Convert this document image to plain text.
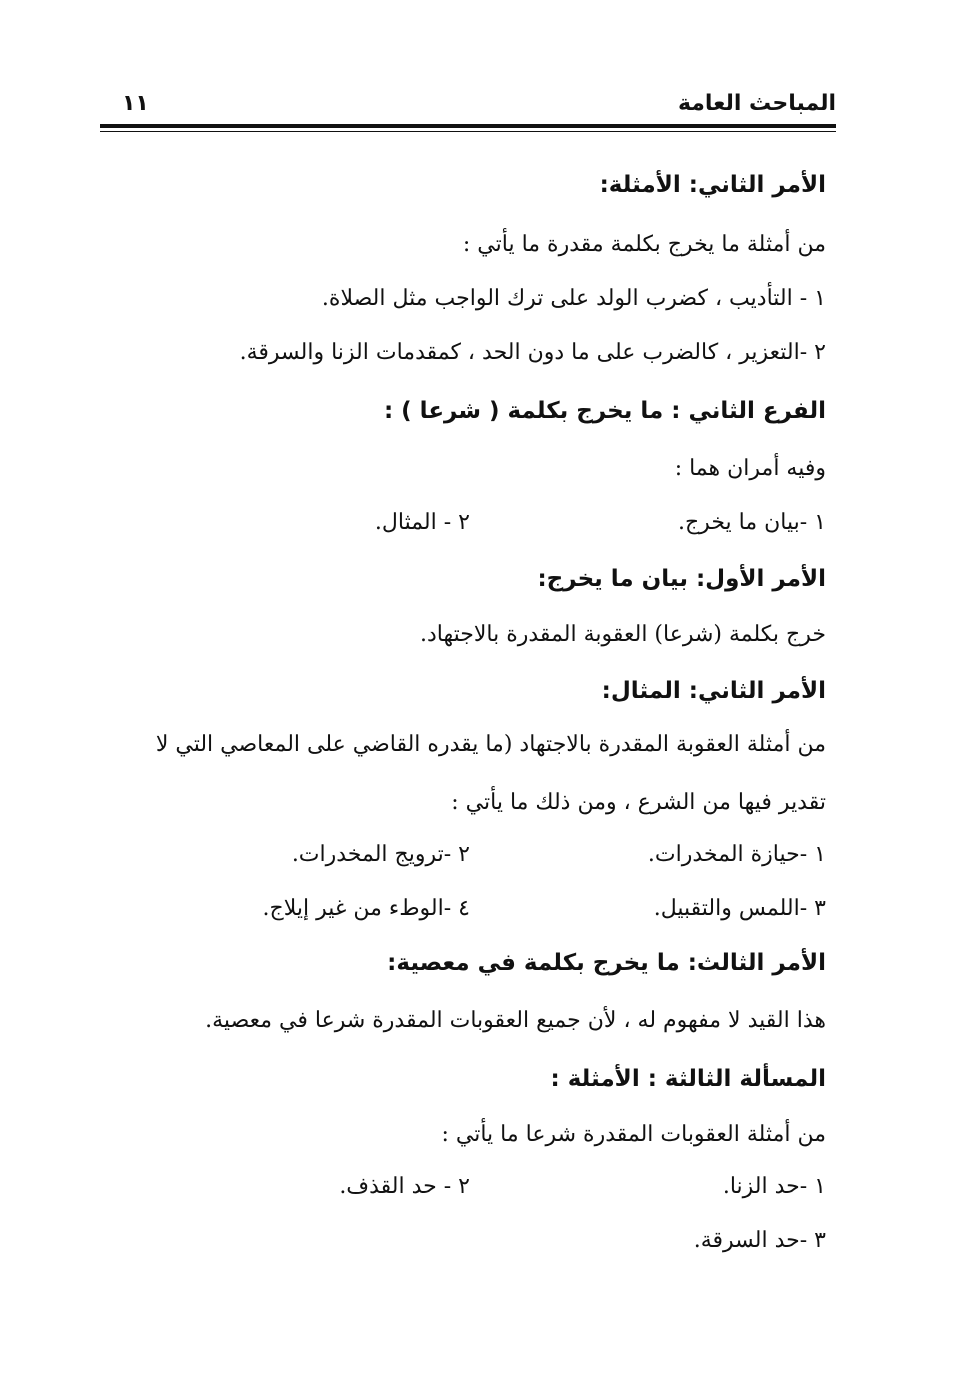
المباحث العامة
١١

الأمر الثاني: الأمثلة:

من أمثلة ما يخرج بكلمة مقدرة ما يأتي :

١ - التأديب ، كضرب الولد على ترك الواجب مثل الصلاة.

٢ -التعزير ، كالضرب على ما دون الحد ، كمقدمات الزنا والسرقة.

الفرع الثاني : ما يخرج بكلمة ( شرعا ) :

وفيه أمران هما :

١ -بيان ما يخرج.
٢ - المثال.

الأمر الأول: بيان ما يخرج:

خرج بكلمة (شرعا) العقوبة المقدرة بالاجتهاد.

الأمر الثاني: المثال:

من أمثلة العقوبة المقدرة بالاجتهاد (ما يقدره القاضي على المعاصي التي لا

تقدير فيها من الشرع ، ومن ذلك ما يأتي :

١ -حيازة المخدرات.
٢ -ترويج المخدرات.
٣ -اللمس والتقبيل.
٤ -الوطء من غير إيلاج.

الأمر الثالث: ما يخرج بكلمة في معصية:

هذا القيد لا مفهوم له ، لأن جميع العقوبات المقدرة شرعا في معصية.

المسألة الثالثة : الأمثلة :

من أمثلة العقوبات المقدرة شرعا ما يأتي :

١ -حد الزنا.
٢ - حد القذف.

٣ -حد السرقة.
